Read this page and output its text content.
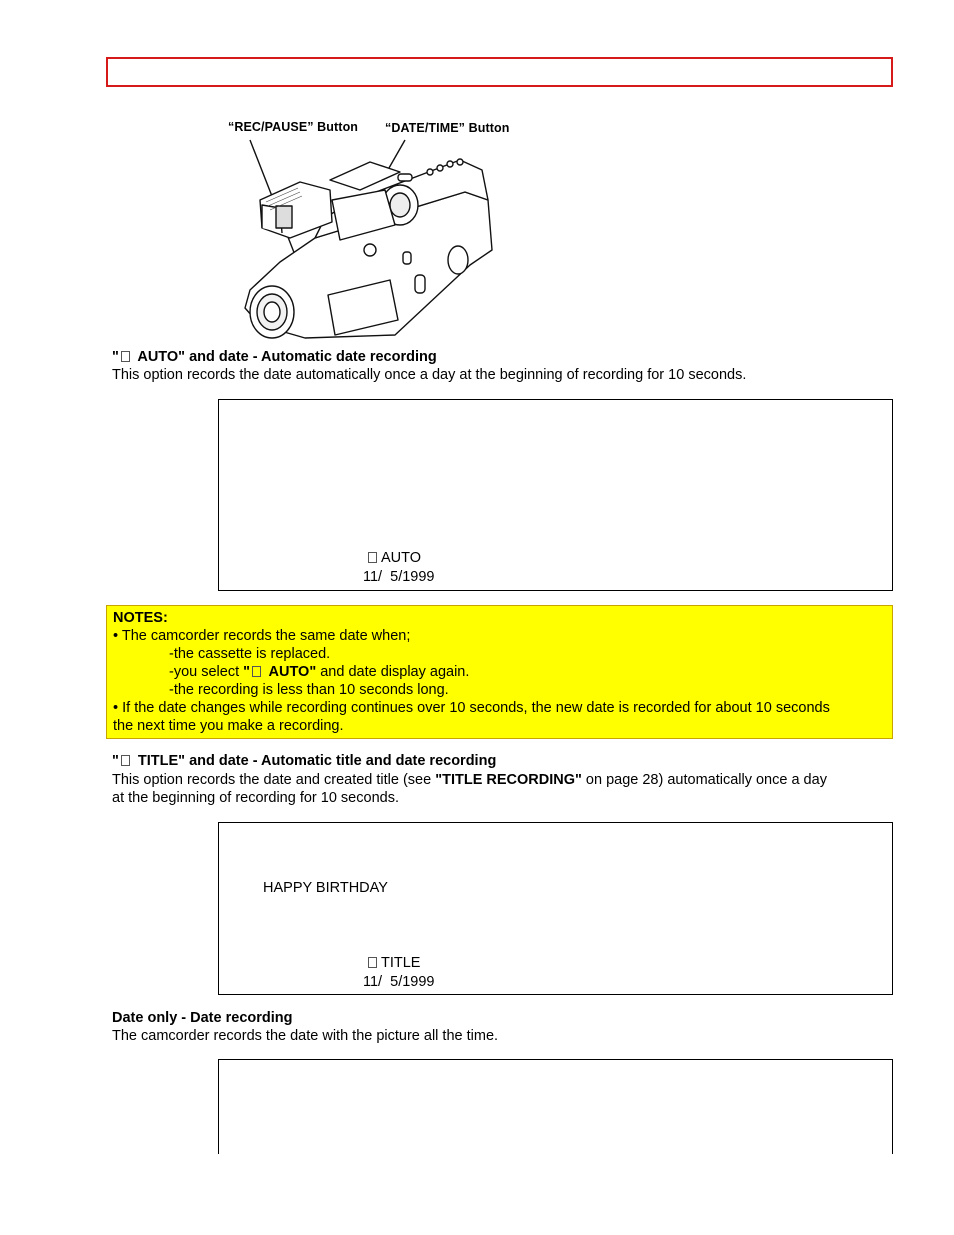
“REC/PAUSE” Button “DATE/TIME” Button
" AUTO" and date - Automatic date recording
This option records the date automatically once a day at the beginning of recording for 10 seconds.
AUTO
11/  5/1999
NOTES:
• The camcorder records the same date when;
-the cassette is replaced.
-you select " AUTO" and date display again.
-the recording is less than 10 seconds long.
• If the date changes while recording continues over 10 seconds, the new date is recorded for about 10 seconds
the next time you make a recording.
" TITLE" and date - Automatic title and date recording
This option records the date and created title (see "TITLE RECORDING" on page 28) automatically once a day
at the beginning of recording for 10 seconds.
HAPPY BIRTHDAY
TITLE
11/  5/1999
Date only - Date recording
The camcorder records the date with the picture all the time.
